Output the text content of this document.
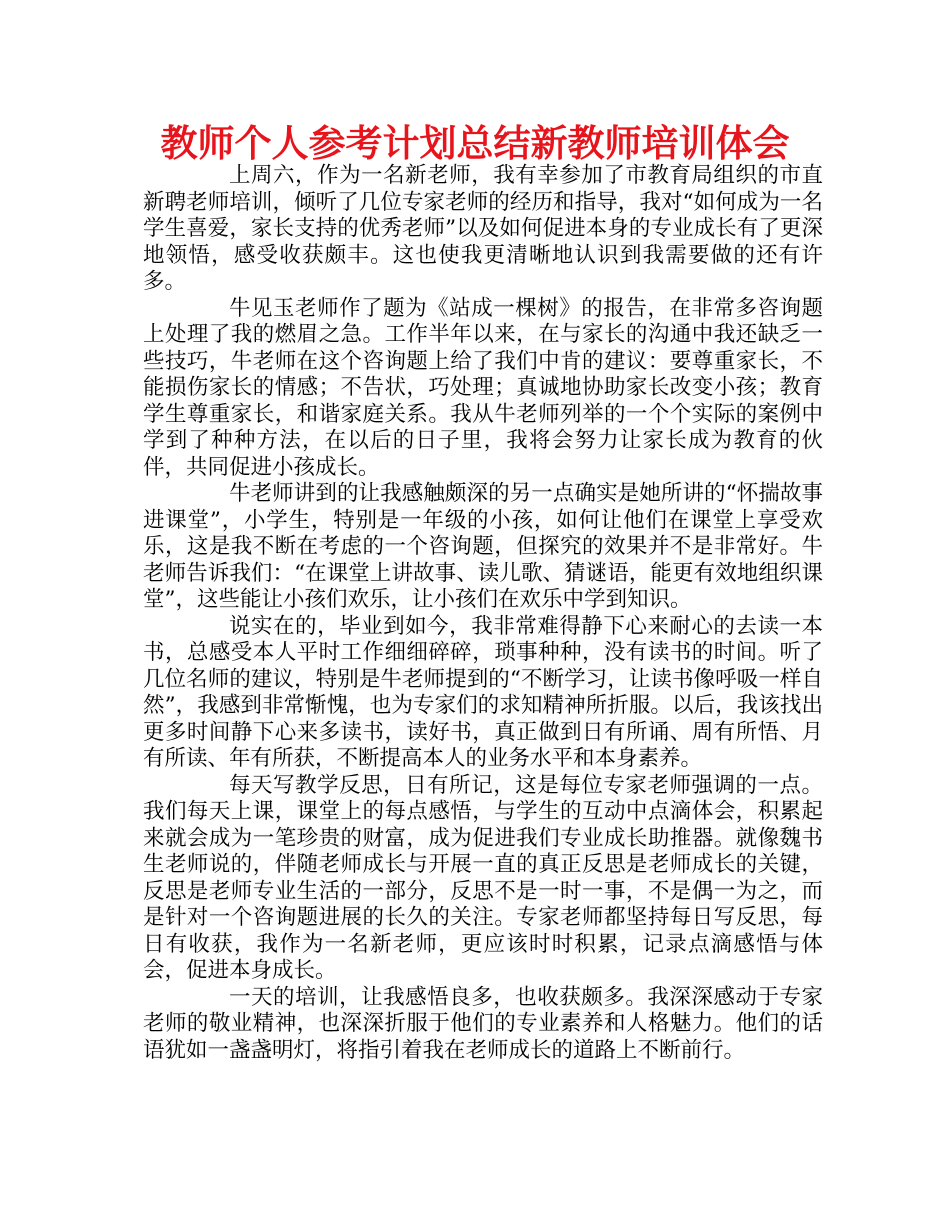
教师个人参考计划总结新教师培训体会

上周六，作为一名新老师，我有幸参加了市教育局组织的市直新聘老师培训，倾听了几位专家老师的经历和指导，我对“如何成为一名学生喜爱，家长支持的优秀老师”以及如何促进本身的专业成长有了更深地领悟，感受收获颇丰。这也使我更清晰地认识到我需要做的还有许多。

牛见玉老师作了题为《站成一棵树》的报告，在非常多咨询题上处理了我的燃眉之急。工作半年以来，在与家长的沟通中我还缺乏一些技巧，牛老师在这个咨询题上给了我们中肯的建议：要尊重家长，不能损伤家长的情感；不告状，巧处理；真诚地协助家长改变小孩；教育学生尊重家长，和谐家庭关系。我从牛老师列举的一个个实际的案例中学到了种种方法，在以后的日子里，我将会努力让家长成为教育的伙伴，共同促进小孩成长。

牛老师讲到的让我感触颇深的另一点确实是她所讲的“怀揣故事进课堂”，小学生，特别是一年级的小孩，如何让他们在课堂上享受欢乐，这是我不断在考虑的一个咨询题，但探究的效果并不是非常好。牛老师告诉我们：“在课堂上讲故事、读儿歌、猜谜语，能更有效地组织课堂”，这些能让小孩们欢乐，让小孩们在欢乐中学到知识。

说实在的，毕业到如今，我非常难得静下心来耐心的去读一本书，总感受本人平时工作细细碎碎，琐事种种，没有读书的时间。听了几位名师的建议，特别是牛老师提到的“不断学习，让读书像呼吸一样自然”，我感到非常惭愧，也为专家们的求知精神所折服。以后，我该找出更多时间静下心来多读书，读好书，真正做到日有所诵、周有所悟、月有所读、年有所获，不断提高本人的业务水平和本身素养。

每天写教学反思，日有所记，这是每位专家老师强调的一点。我们每天上课，课堂上的每点感悟，与学生的互动中点滴体会，积累起来就会成为一笔珍贵的财富，成为促进我们专业成长助推器。就像魏书生老师说的，伴随老师成长与开展一直的真正反思是老师成长的关键，反思是老师专业生活的一部分，反思不是一时一事，不是偶一为之，而是针对一个咨询题进展的长久的关注。专家老师都坚持每日写反思，每日有收获，我作为一名新老师，更应该时时积累，记录点滴感悟与体会，促进本身成长。

一天的培训，让我感悟良多，也收获颇多。我深深感动于专家老师的敬业精神，也深深折服于他们的专业素养和人格魅力。他们的话语犹如一盏盏明灯，将指引着我在老师成长的道路上不断前行。
